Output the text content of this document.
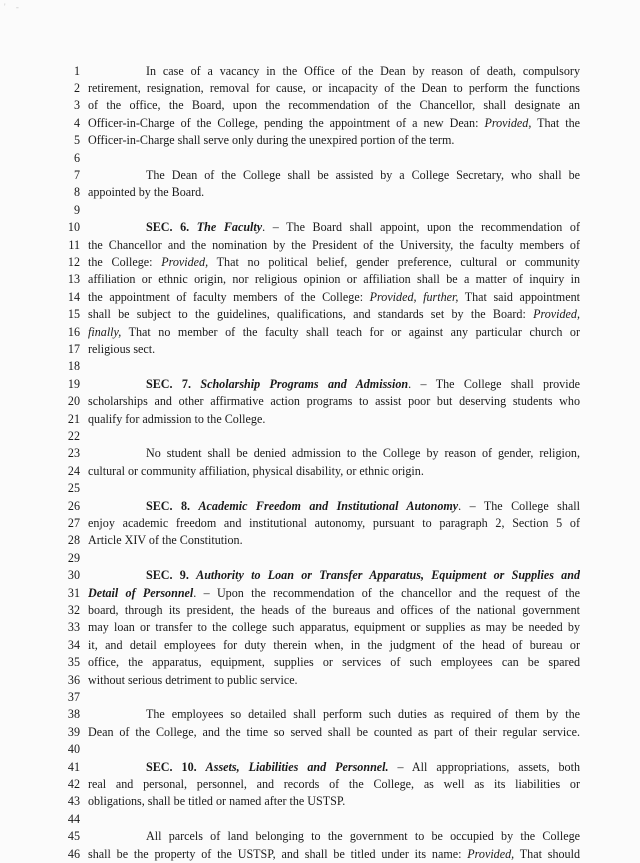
' -
1	In case of a vacancy in the Office of the Dean by reason of death, compulsory
2 retirement, resignation, removal for cause, or incapacity of the Dean to perform the functions
3 of the office, the Board, upon the recommendation of the Chancellor, shall designate an
4 Officer-in-Charge of the College, pending the appointment of a new Dean: Provided, That the
5 Officer-in-Charge shall serve only during the unexpired portion of the term.
6
7	The Dean of the College shall be assisted by a College Secretary, who shall be
8 appointed by the Board.
9
10	SEC. 6. The Faculty. – The Board shall appoint, upon the recommendation of
11 the Chancellor and the nomination by the President of the University, the faculty members of
12 the College: Provided, That no political belief, gender preference, cultural or community
13 affiliation or ethnic origin, nor religious opinion or affiliation shall be a matter of inquiry in
14 the appointment of faculty members of the College: Provided, further, That said appointment
15 shall be subject to the guidelines, qualifications, and standards set by the Board: Provided,
16 finally, That no member of the faculty shall teach for or against any particular church or
17 religious sect.
18
19	SEC. 7. Scholarship Programs and Admission. – The College shall provide
20 scholarships and other affirmative action programs to assist poor but deserving students who
21 qualify for admission to the College.
22
23	No student shall be denied admission to the College by reason of gender, religion,
24 cultural or community affiliation, physical disability, or ethnic origin.
25
26	SEC. 8. Academic Freedom and Institutional Autonomy. – The College shall
27 enjoy academic freedom and institutional autonomy, pursuant to paragraph 2, Section 5 of
28 Article XIV of the Constitution.
29
30	SEC. 9. Authority to Loan or Transfer Apparatus, Equipment or Supplies and
31 Detail of Personnel. – Upon the recommendation of the chancellor and the request of the
32 board, through its president, the heads of the bureaus and offices of the national government
33 may loan or transfer to the college such apparatus, equipment or supplies as may be needed by
34 it, and detail employees for duty therein when, in the judgment of the head of bureau or
35 office, the apparatus, equipment, supplies or services of such employees can be spared
36 without serious detriment to public service.
37
38	The employees so detailed shall perform such duties as required of them by the
39 Dean of the College, and the time so served shall be counted as part of their regular service.
40
41	SEC. 10. Assets, Liabilities and Personnel. – All appropriations, assets, both
42 real and personal, personnel, and records of the College, as well as its liabilities or
43 obligations, shall be titled or named after the USTSP.
44
45	All parcels of land belonging to the government to be occupied by the College
46 shall be the property of the USTSP, and shall be titled under its name: Provided, That should
